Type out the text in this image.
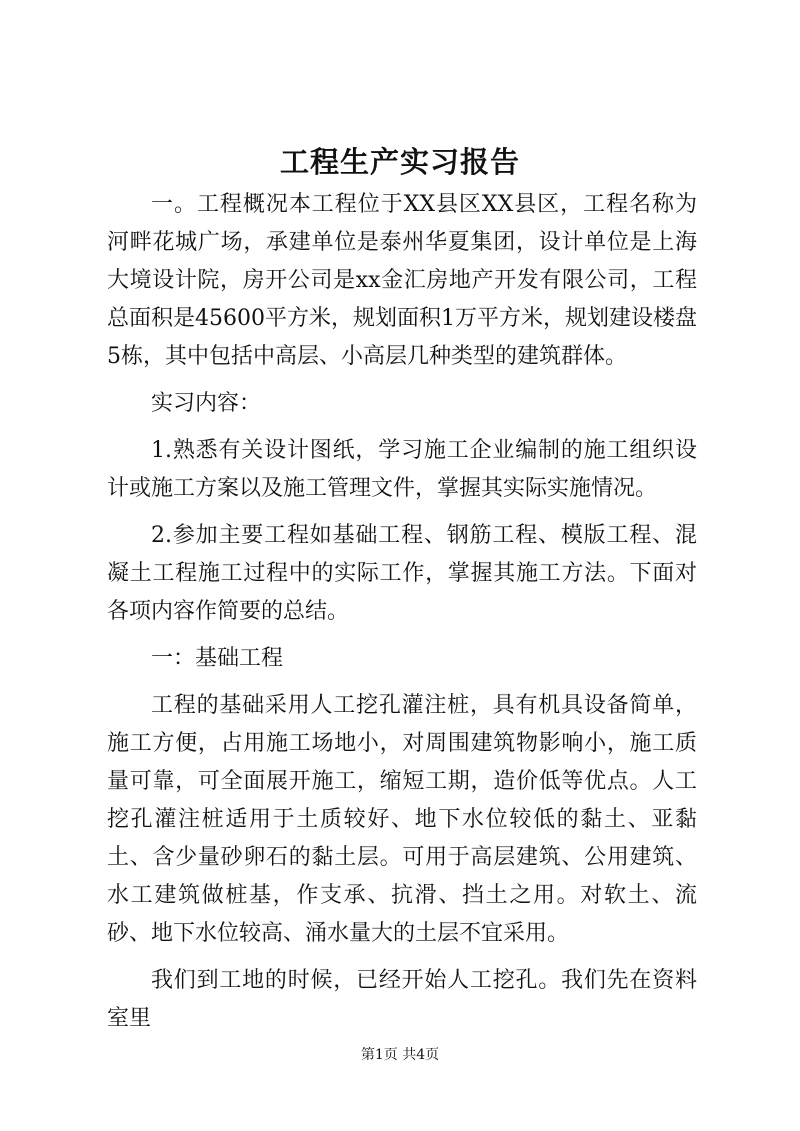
工程生产实习报告

一。工程概况本工程位于XX县区XX县区，工程名称为河畔花城广场，承建单位是泰州华夏集团，设计单位是上海大境设计院，房开公司是xx金汇房地产开发有限公司，工程总面积是45600平方米，规划面积1万平方米，规划建设楼盘5栋，其中包括中高层、小高层几种类型的建筑群体。

实习内容：

1.熟悉有关设计图纸，学习施工企业编制的施工组织设计或施工方案以及施工管理文件，掌握其实际实施情况。

2.参加主要工程如基础工程、钢筋工程、模版工程、混凝土工程施工过程中的实际工作，掌握其施工方法。下面对各项内容作简要的总结。

一：基础工程

工程的基础采用人工挖孔灌注桩，具有机具设备简单，施工方便，占用施工场地小，对周围建筑物影响小，施工质量可靠，可全面展开施工，缩短工期，造价低等优点。人工挖孔灌注桩适用于土质较好、地下水位较低的黏土、亚黏土、含少量砂卵石的黏土层。可用于高层建筑、公用建筑、水工建筑做桩基，作支承、抗滑、挡土之用。对软土、流砂、地下水位较高、涌水量大的土层不宜采用。

我们到工地的时候，已经开始人工挖孔。我们先在资料室里

第1页 共4页
